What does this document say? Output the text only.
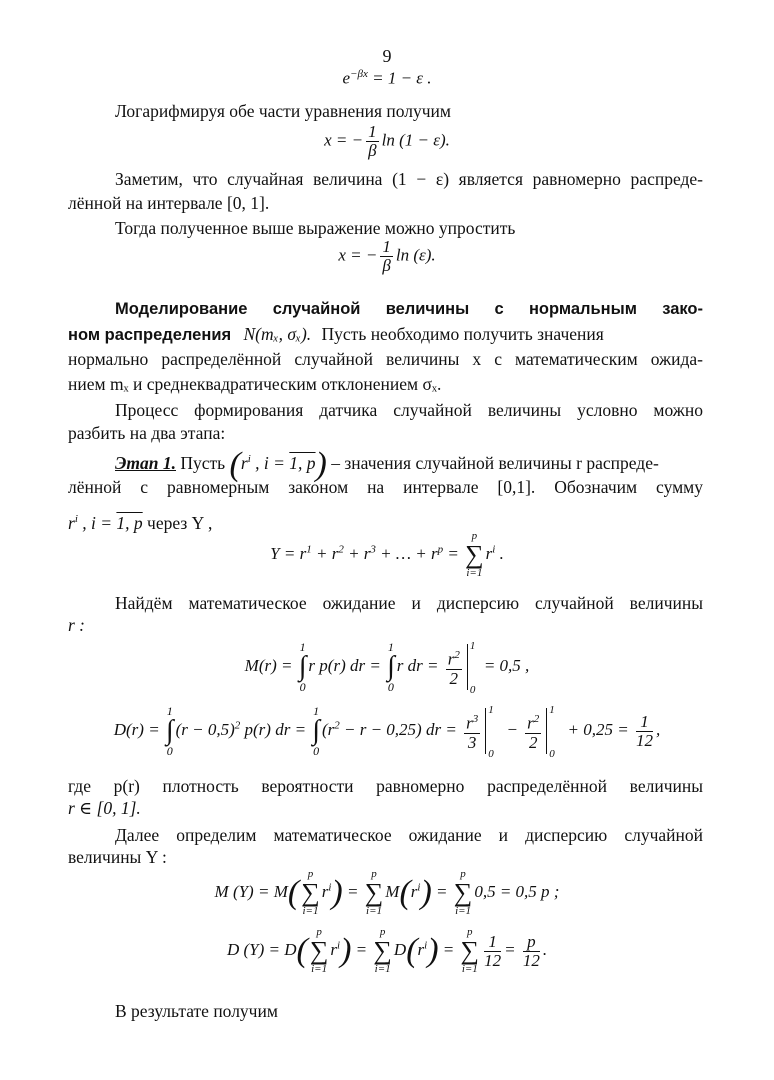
9
$e^{-\beta x} = 1 - \varepsilon$ .
Логарифмируя обе части уравнения получим
x = − $\frac{1}{\beta}$ ln (1 − ε).
Заметим, что случайная величина (1 − ε) является равномерно распреде-
лённой на интервале [0, 1].
Тогда полученное выше выражение можно упростить
x = − $\frac{1}{\beta}$ ln (ε).
Моделирование случайной величины с нормальным зако-
ном распределения N(mₓ, σₓ). Пусть необходимо получить значения
нормально распределённой случайной величины x с математическим ожида-
нием mₓ и среднеквадратическим отклонением σₓ.
Процесс формирования датчика случайной величины условно можно
разбить на два этапа:
Этап 1. Пусть ($r^i$ , i = 1, p) – значения случайной величины r распреде-
лённой с равномерным законом на интервале [0,1]. Обозначим сумму
$r^i$ , i = 1, p через Y ,
$Y = r^1 + r^2 + r^3$ + … + $r^p$ =
p
∑
i=1
$r^i$ .
Найдём математическое ожидание и дисперсию случайной величины
r :
M(r) =
1
∫
0
r p(r) dr =
1
∫
0
r dr = $\frac{r^2}{2}$
1
0
= 0,5 ,
D(r) =
1
∫
0
$(r - 0,5)^2$ p(r) dr =
1
∫
0
$(r^2 - r - 0,25)$ dr = $\frac{r^3}{3}$
1
0
− $\frac{r^2}{2}$
1
0
+ $0,25 = \frac{1}{12}$ ,
где p(r) плотность вероятности равномерно распределённой величины
r ∈ [0, 1].
Далее определим математическое ожидание и дисперсию случайной
величины Y :
M (Y) = M( p
∑
i=1
$r^i$) =
p
∑
i=1
$M(r^i)$ =
p
∑
i=1
0,5 = 0,5 p ;
D (Y) = D( p
∑
i=1
$r^i$) =
p
∑
i=1
$D(r^i)$ =
p
∑
$i=1 \frac{1}{12} = \frac{p}{12}$ .
В результате получим
